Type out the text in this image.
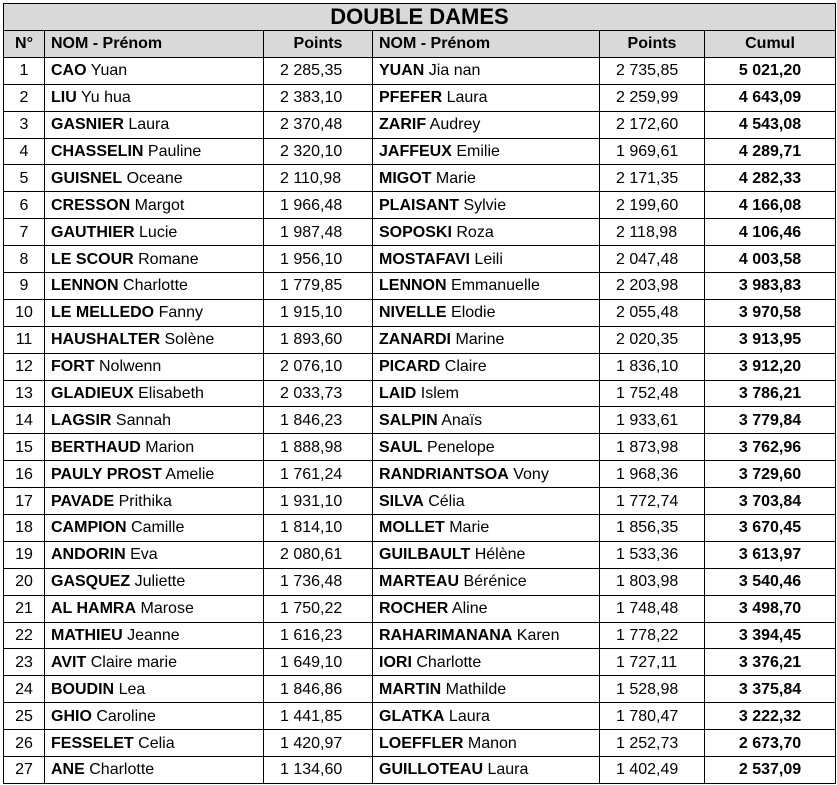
DOUBLE DAMES					
N°	NOM - Prénom	Points	NOM - Prénom	Points	Cumul
1	CAO Yuan	2 285,35	YUAN Jia nan	2 735,85	5 021,20
2	LIU Yu hua	2 383,10	PFEFER Laura	2 259,99	4 643,09
3	GASNIER Laura	2 370,48	ZARIF Audrey	2 172,60	4 543,08
4	CHASSELIN Pauline	2 320,10	JAFFEUX Emilie	1 969,61	4 289,71
5	GUISNEL Oceane	2 110,98	MIGOT Marie	2 171,35	4 282,33
6	CRESSON Margot	1 966,48	PLAISANT Sylvie	2 199,60	4 166,08
7	GAUTHIER Lucie	1 987,48	SOPOSKI Roza	2 118,98	4 106,46
8	LE SCOUR Romane	1 956,10	MOSTAFAVI Leili	2 047,48	4 003,58
9	LENNON Charlotte	1 779,85	LENNON Emmanuelle	2 203,98	3 983,83
10	LE MELLEDO Fanny	1 915,10	NIVELLE Elodie	2 055,48	3 970,58
11	HAUSHALTER Solène	1 893,60	ZANARDI Marine	2 020,35	3 913,95
12	FORT Nolwenn	2 076,10	PICARD Claire	1 836,10	3 912,20
13	GLADIEUX Elisabeth	2 033,73	LAID Islem	1 752,48	3 786,21
14	LAGSIR Sannah	1 846,23	SALPIN Anaïs	1 933,61	3 779,84
15	BERTHAUD Marion	1 888,98	SAUL Penelope	1 873,98	3 762,96
16	PAULY PROST Amelie	1 761,24	RANDRIANTSOA Vony	1 968,36	3 729,60
17	PAVADE Prithika	1 931,10	SILVA Célia	1 772,74	3 703,84
18	CAMPION Camille	1 814,10	MOLLET Marie	1 856,35	3 670,45
19	ANDORIN Eva	2 080,61	GUILBAULT Hélène	1 533,36	3 613,97
20	GASQUEZ Juliette	1 736,48	MARTEAU Bérénice	1 803,98	3 540,46
21	AL HAMRA Marose	1 750,22	ROCHER Aline	1 748,48	3 498,70
22	MATHIEU Jeanne	1 616,23	RAHARIMANANA Karen	1 778,22	3 394,45
23	AVIT Claire marie	1 649,10	IORI Charlotte	1 727,11	3 376,21
24	BOUDIN Lea	1 846,86	MARTIN Mathilde	1 528,98	3 375,84
25	GHIO Caroline	1 441,85	GLATKA Laura	1 780,47	3 222,32
26	FESSELET Celia	1 420,97	LOEFFLER Manon	1 252,73	2 673,70
27	ANE Charlotte	1 134,60	GUILLOTEAU Laura	1 402,49	2 537,09
